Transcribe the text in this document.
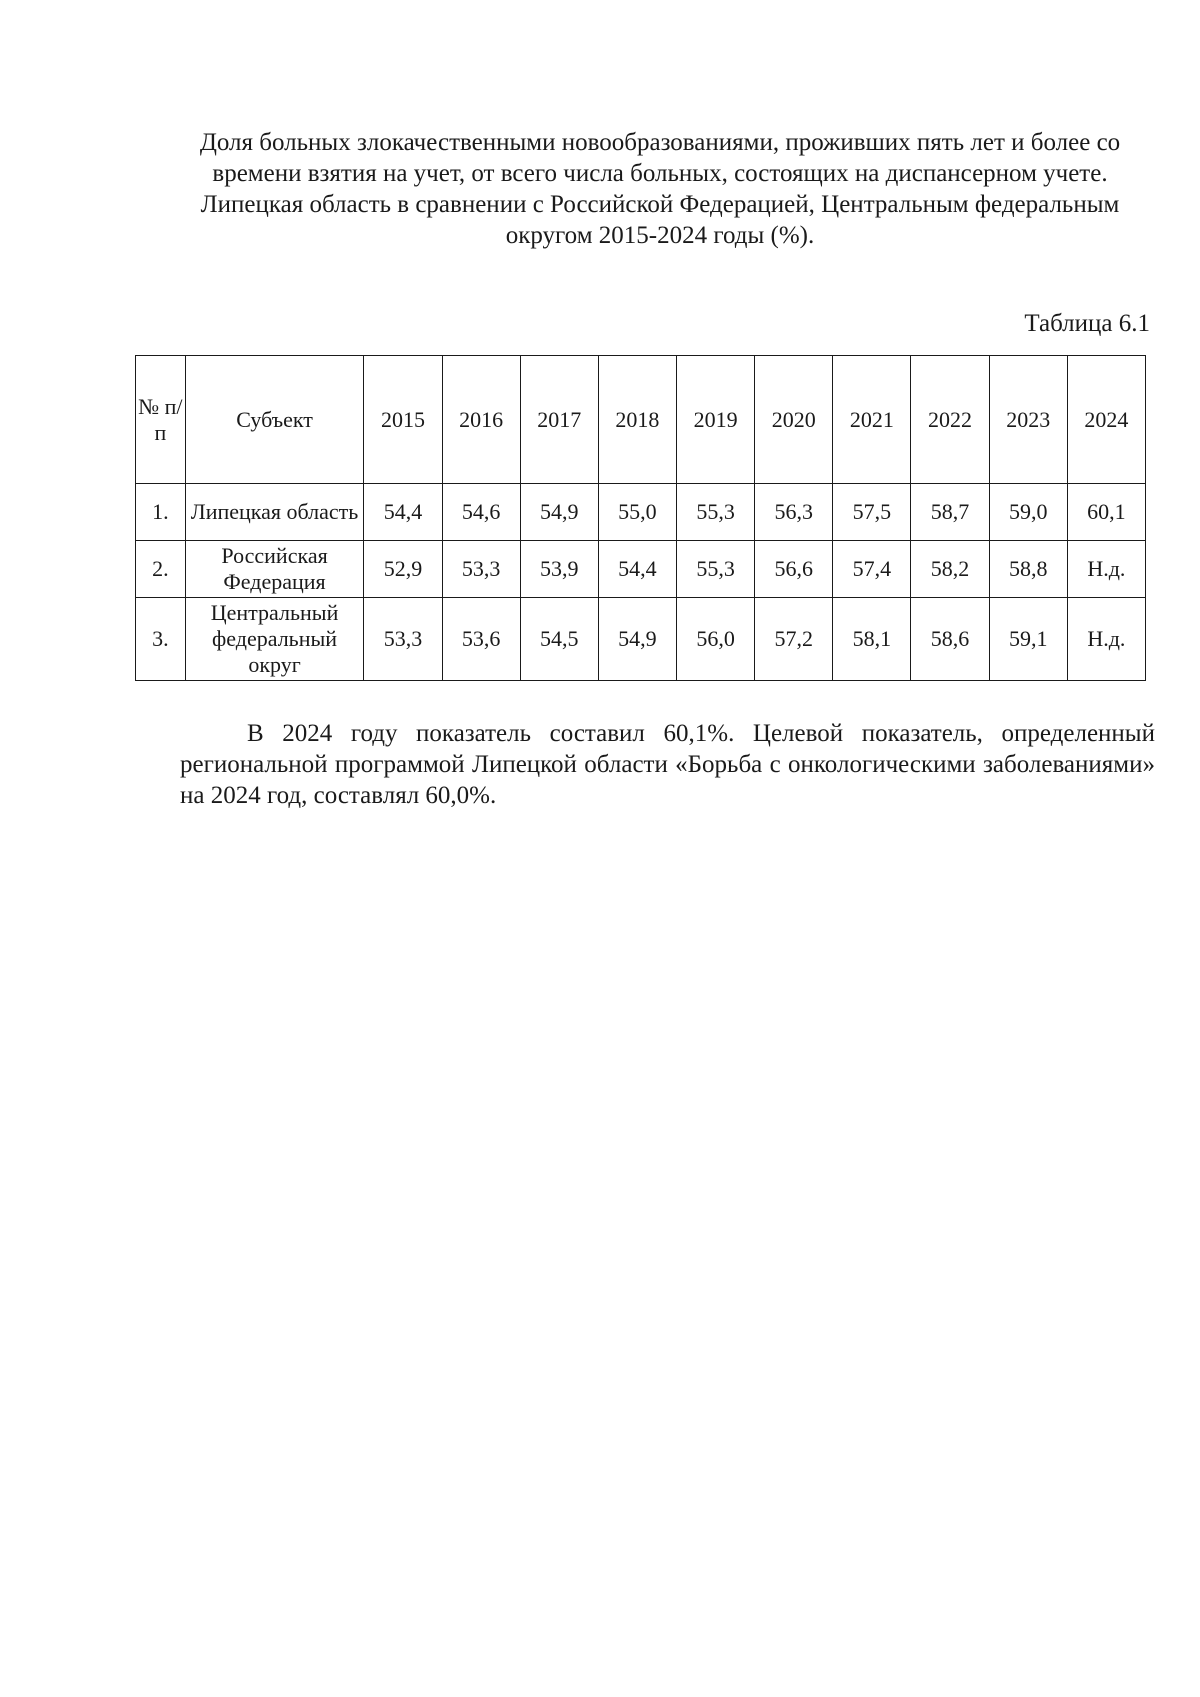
Доля больных злокачественными новообразованиями, проживших пять лет и более со времени взятия на учет, от всего числа больных, состоящих на диспансерном учете. Липецкая область в сравнении с Российской Федерацией, Центральным федеральным округом 2015-2024 годы (%).

Таблица 6.1

№ п/п	Субъект	2015	2016	2017	2018	2019	2020	2021	2022	2023	2024
1.	Липецкая область	54,4	54,6	54,9	55,0	55,3	56,3	57,5	58,7	59,0	60,1
2.	Российская Федерация	52,9	53,3	53,9	54,4	55,3	56,6	57,4	58,2	58,8	Н.д.
3.	Центральный федеральный округ	53,3	53,6	54,5	54,9	56,0	57,2	58,1	58,6	59,1	Н.д.

В 2024 году показатель составил 60,1%. Целевой показатель, определенный региональной программой Липецкой области «Борьба с онкологическими заболеваниями» на 2024 год, составлял 60,0%.
